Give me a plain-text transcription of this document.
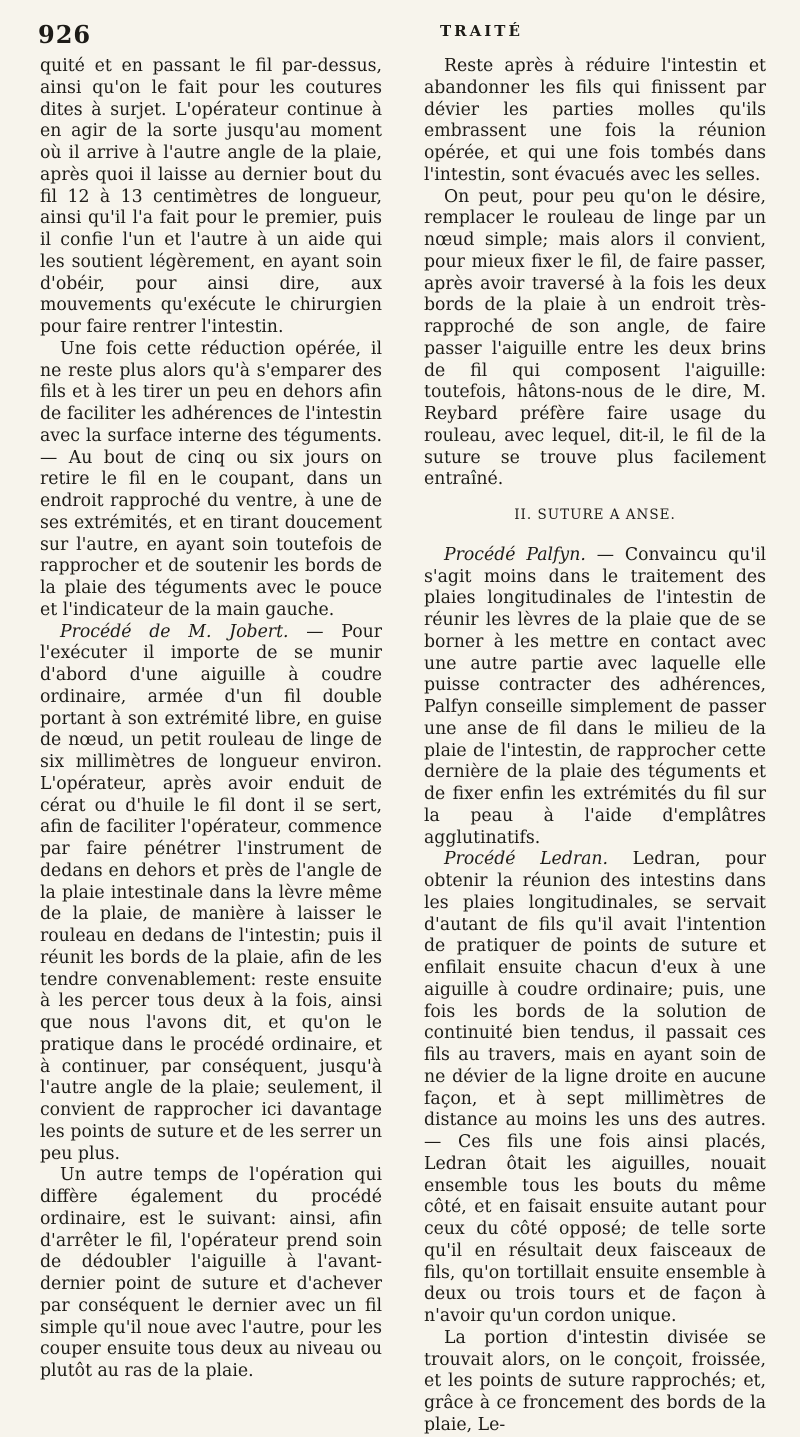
926	TRAITÉ

quité et en passant le fil par-dessus, ainsi qu'on le fait pour les coutures dites à surjet. L'opérateur continue à en agir de la sorte jusqu'au moment où il arrive à l'autre angle de la plaie, après quoi il laisse au dernier bout du fil 12 à 13 centimètres de longueur, ainsi qu'il l'a fait pour le premier, puis il confie l'un et l'autre à un aide qui les soutient légèrement, en ayant soin d'obéir, pour ainsi dire, aux mouvements qu'exécute le chirurgien pour faire rentrer l'intestin.

Une fois cette réduction opérée, il ne reste plus alors qu'à s'emparer des fils et à les tirer un peu en dehors afin de faciliter les adhérences de l'intestin avec la surface interne des téguments. — Au bout de cinq ou six jours on retire le fil en le coupant, dans un endroit rapproché du ventre, à une de ses extrémités, et en tirant doucement sur l'autre, en ayant soin toutefois de rapprocher et de soutenir les bords de la plaie des téguments avec le pouce et l'indicateur de la main gauche.

Procédé de M. Jobert. — Pour l'exécuter il importe de se munir d'abord d'une aiguille à coudre ordinaire, armée d'un fil double portant à son extrémité libre, en guise de nœud, un petit rouleau de linge de six millimètres de longueur environ. L'opérateur, après avoir enduit de cérat ou d'huile le fil dont il se sert, afin de faciliter l'opérateur, commence par faire pénétrer l'instrument de dedans en dehors et près de l'angle de la plaie intestinale dans la lèvre même de la plaie, de manière à laisser le rouleau en dedans de l'intestin; puis il réunit les bords de la plaie, afin de les tendre convenablement: reste ensuite à les percer tous deux à la fois, ainsi que nous l'avons dit, et qu'on le pratique dans le procédé ordinaire, et à continuer, par conséquent, jusqu'à l'autre angle de la plaie; seulement, il convient de rapprocher ici davantage les points de suture et de les serrer un peu plus.

Un autre temps de l'opération qui diffère également du procédé ordinaire, est le suivant: ainsi, afin d'arrêter le fil, l'opérateur prend soin de dédoubler l'aiguille à l'avant-dernier point de suture et d'achever par conséquent le dernier avec un fil simple qu'il noue avec l'autre, pour les couper ensuite tous deux au niveau ou plutôt au ras de la plaie.

Reste après à réduire l'intestin et abandonner les fils qui finissent par dévier les parties molles qu'ils embrassent une fois la réunion opérée, et qui une fois tombés dans l'intestin, sont évacués avec les selles.

On peut, pour peu qu'on le désire, remplacer le rouleau de linge par un nœud simple; mais alors il convient, pour mieux fixer le fil, de faire passer, après avoir traversé à la fois les deux bords de la plaie à un endroit très-rapproché de son angle, de faire passer l'aiguille entre les deux brins de fil qui composent l'aiguille: toutefois, hâtons-nous de le dire, M. Reybard préfère faire usage du rouleau, avec lequel, dit-il, le fil de la suture se trouve plus facilement entraîné.

II. SUTURE A ANSE.

Procédé Palfyn. — Convaincu qu'il s'agit moins dans le traitement des plaies longitudinales de l'intestin de réunir les lèvres de la plaie que de se borner à les mettre en contact avec une autre partie avec laquelle elle puisse contracter des adhérences, Palfyn conseille simplement de passer une anse de fil dans le milieu de la plaie de l'intestin, de rapprocher cette dernière de la plaie des téguments et de fixer enfin les extrémités du fil sur la peau à l'aide d'emplâtres agglutinatifs.

Procédé Ledran. Ledran, pour obtenir la réunion des intestins dans les plaies longitudinales, se servait d'autant de fils qu'il avait l'intention de pratiquer de points de suture et enfilait ensuite chacun d'eux à une aiguille à coudre ordinaire; puis, une fois les bords de la solution de continuité bien tendus, il passait ces fils au travers, mais en ayant soin de ne dévier de la ligne droite en aucune façon, et à sept millimètres de distance au moins les uns des autres. — Ces fils une fois ainsi placés, Ledran ôtait les aiguilles, nouait ensemble tous les bouts du même côté, et en faisait ensuite autant pour ceux du côté opposé; de telle sorte qu'il en résultait deux faisceaux de fils, qu'on tortillait ensuite ensemble à deux ou trois tours et de façon à n'avoir qu'un cordon unique.

La portion d'intestin divisée se trouvait alors, on le conçoit, froissée, et les points de suture rapprochés; et, grâce à ce froncement des bords de la plaie, Le-
